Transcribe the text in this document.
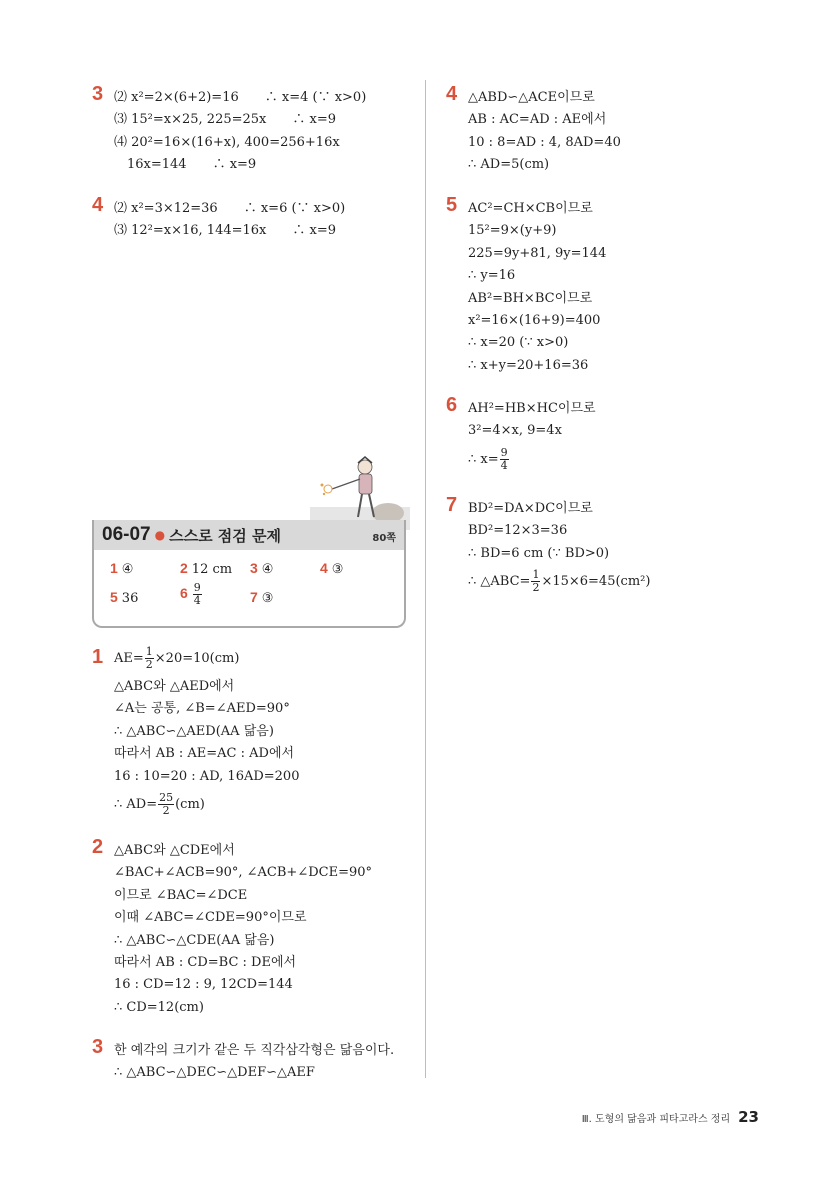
3 ⑵ x²=2×(6+2)=16　　∴ x=4 (∵ x>0)
⑶ 15²=x×25, 225=25x　　∴ x=9
⑷ 20²=16×(16+x), 400=256+16x
　16x=144　　∴ x=9
4 ⑵ x²=3×12=36　　∴ x=6 (∵ x>0)
⑶ 12²=x×16, 144=16x　　∴ x=9
06-07 ● 스스로 점검 문제	80쪽
1 ④	2 12 cm 3 ④	4 ③
5 36	$6 \frac{9}{4}$	7 ③
1 $AE= \frac{1}{2} \times 20=10(cm)$
△ABC와 △AED에서
∠A는 공통, ∠B=∠AED=90°
∴ △ABC∽△AED(AA 닮음)
따라서 AB : AE=AC : AD에서
16 : 10=20 : AD, 16AD=200
∴ $AD= \frac{25}{2} (cm)$
2 △ABC와 △CDE에서
∠BAC+∠ACB=90°, ∠ACB+∠DCE=90°
이므로 ∠BAC=∠DCE
이때 ∠ABC=∠CDE=90°이므로
∴ △ABC∽△CDE(AA 닮음)
따라서 AB : CD=BC : DE에서
16 : CD=12 : 9, 12CD=144
∴ CD=12(cm)
3 한 예각의 크기가 같은 두 직각삼각형은 닮음이다.
∴ △ABC∽△DEC∽△DEF∽△AEF
4 △ABD∽△ACE이므로
AB : AC=AD : AE에서
10 : 8=AD : 4, 8AD=40
∴ AD=5(cm)
5 AC²=CH×CB이므로
15²=9×(y+9)
225=9y+81, 9y=144
∴ y=16
AB²=BH×BC이므로
x²=16×(16+9)=400
∴ x=20 (∵ x>0)
∴ x+y=20+16=36
6 AH²=HB×HC이므로
3²=4×x, 9=4x
∴ $x= \frac{9}{4}$
7 BD²=DA×DC이므로
BD²=12×3=36
∴ BD=6 cm (∵ BD>0)
∴ △ABC= $\frac{1}{2} \times 15\times 6=45(cm^2)$
Ⅲ. 도형의 닮음과 피타고라스 정리 23
